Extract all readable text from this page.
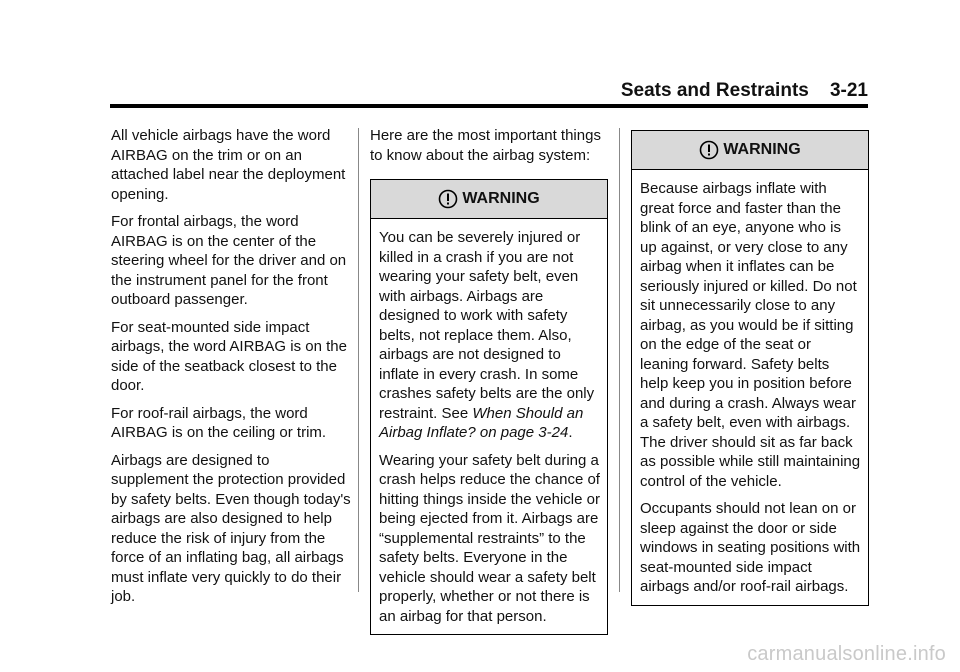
Seats and Restraints 3-21

All vehicle airbags have the word AIRBAG on the trim or on an attached label near the deployment opening.

For frontal airbags, the word AIRBAG is on the center of the steering wheel for the driver and on the instrument panel for the front outboard passenger.

For seat-mounted side impact airbags, the word AIRBAG is on the side of the seatback closest to the door.

For roof-rail airbags, the word AIRBAG is on the ceiling or trim.

Airbags are designed to supplement the protection provided by safety belts. Even though today's airbags are also designed to help reduce the risk of injury from the force of an inflating bag, all airbags must inflate very quickly to do their job.

Here are the most important things to know about the airbag system:

WARNING

You can be severely injured or killed in a crash if you are not wearing your safety belt, even with airbags. Airbags are designed to work with safety belts, not replace them. Also, airbags are not designed to inflate in every crash. In some crashes safety belts are the only restraint. See When Should an Airbag Inflate? on page 3-24.

Wearing your safety belt during a crash helps reduce the chance of hitting things inside the vehicle or being ejected from it. Airbags are “supplemental restraints” to the safety belts. Everyone in the vehicle should wear a safety belt properly, whether or not there is an airbag for that person.

WARNING

Because airbags inflate with great force and faster than the blink of an eye, anyone who is up against, or very close to any airbag when it inflates can be seriously injured or killed. Do not sit unnecessarily close to any airbag, as you would be if sitting on the edge of the seat or leaning forward. Safety belts help keep you in position before and during a crash. Always wear a safety belt, even with airbags. The driver should sit as far back as possible while still maintaining control of the vehicle.

Occupants should not lean on or sleep against the door or side windows in seating positions with seat-mounted side impact airbags and/or roof-rail airbags.

carmanualsonline.info
